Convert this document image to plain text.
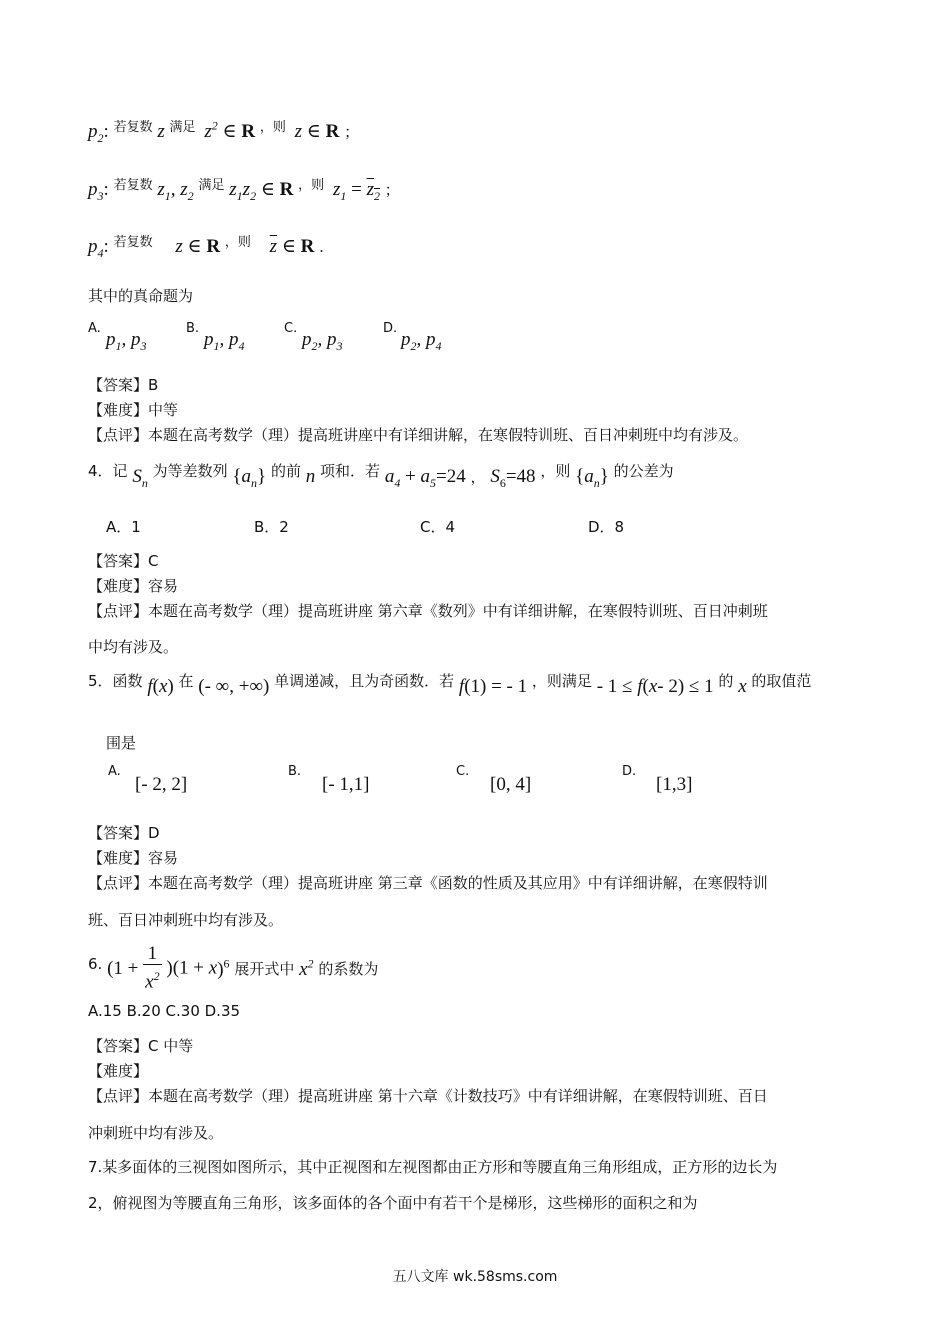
$p_2$: 若复数 z 满足 $z^2$ ∈ R ，则 z ∈ R ；
$p_3$: 若复数 $z_1$, $z_2$ 满足 $z_1z_2$ ∈ R ，则 $z_1 = z_2$ ；
$p_4$: 若复数 z ∈ R ，则 $\overline{z}$ ∈ R .
其中的真命题为
A.
$p_1$, $p_3$
B.
$p_1$, $p_4$
C.
$p_2$, $p_3$
D.
$p_2$, $p_4$
【答案】B
【难度】中等
【点评】本题在高考数学（理）提高班讲座中有详细讲解，在寒假特训班、百日冲刺班中均有涉及。
4．记 $S_n$ 为等差数列 $\{a_n\}$ 的前 n 项和．若 $a_4 + a_5=24$ ， $S_6=48$ ，则 $\{a_n\}$ 的公差为
A．1	B．2	C．4	D．8
【答案】C
【难度】容易
【点评】本题在高考数学（理）提高班讲座 第六章《数列》中有详细讲解，在寒假特训班、百日冲刺班
中均有涉及。
5．函数 f(x) 在 (- ∞, +∞) 单调递减，且为奇函数．若 f(1) = - 1 ，则满足 - 1 ≤ f(x- 2) ≤ 1 的 x 的取值范
围是
A.
[- 2, 2]
B.
[- 1,1]
C.
[0, 4]
D.
[1,3]
【答案】D
【难度】容易
【点评】本题在高考数学（理）提高班讲座 第三章《函数的性质及其应用》中有详细讲解，在寒假特训
班、百日冲刺班中均有涉及。
6. $(1 + \frac{1}{x^2} )(1 + x)^6$ 展开式中 $x^2$ 的系数为
A.15 B.20 C.30 D.35
【答案】C 中等
【难度】
【点评】本题在高考数学（理）提高班讲座 第十六章《计数技巧》中有详细讲解，在寒假特训班、百日
冲刺班中均有涉及。
7.某多面体的三视图如图所示，其中正视图和左视图都由正方形和等腰直角三角形组成，正方形的边长为
2，俯视图为等腰直角三角形，该多面体的各个面中有若干个是梯形，这些梯形的面积之和为
五八文库 wk.58sms.com
